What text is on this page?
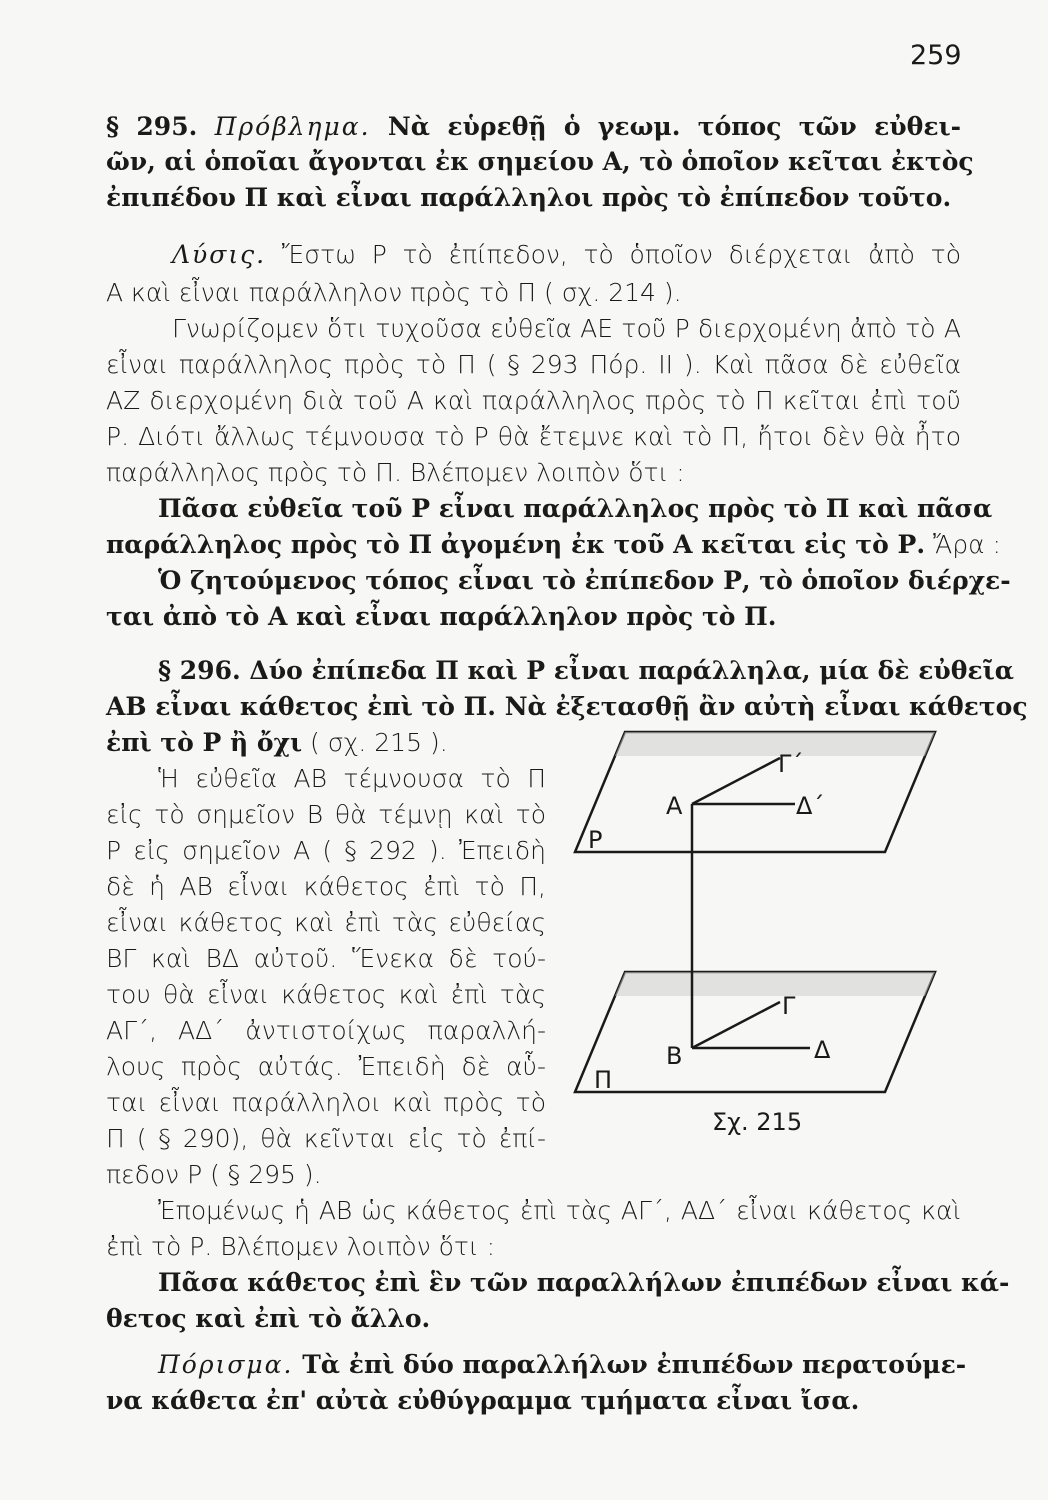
259
§ 295. Πρόβλημα. Νὰ εὑρεθῇ ὁ γεωμ. τόπος τῶν εὐθει-
ῶν, αἱ ὁποῖαι ἄγονται ἐκ σημείου Α, τὸ ὁποῖον κεῖται ἐκτὸς
ἐπιπέδου Π καὶ εἶναι παράλληλοι πρὸς τὸ ἐπίπεδον τοῦτο.
Λύσις. Ἔστω Ρ τὸ ἐπίπεδον, τὸ ὁποῖον διέρχεται ἀπὸ τὸ
Α καὶ εἶναι παράλληλον πρὸς τὸ Π ( σχ. 214 ).
Γνωρίζομεν ὅτι τυχοῦσα εὐθεῖα ΑΕ τοῦ Ρ διερχομένη ἀπὸ τὸ Α
εἶναι παράλληλος πρὸς τὸ Π ( § 293 Πόρ. ΙΙ ). Καὶ πᾶσα δὲ εὐθεῖα
ΑΖ διερχομένη διὰ τοῦ Α καὶ παράλληλος πρὸς τὸ Π κεῖται ἐπὶ τοῦ
Ρ. Διότι ἄλλως τέμνουσα τὸ Ρ θὰ ἔτεμνε καὶ τὸ Π, ἤτοι δὲν θὰ ἦτο
παράλληλος πρὸς τὸ Π. Βλέπομεν λοιπὸν ὅτι :
Πᾶσα εὐθεῖα τοῦ Ρ εἶναι παράλληλος πρὸς τὸ Π καὶ πᾶσα
παράλληλος πρὸς τὸ Π ἀγομένη ἐκ τοῦ Α κεῖται εἰς τὸ Ρ. Ἄρα :
Ὁ ζητούμενος τόπος εἶναι τὸ ἐπίπεδον Ρ, τὸ ὁποῖον διέρχε-
ται ἀπὸ τὸ Α καὶ εἶναι παράλληλον πρὸς τὸ Π.
§ 296. Δύο ἐπίπεδα Π καὶ Ρ εἶναι παράλληλα, μία δὲ εὐθεῖα
ΑΒ εἶναι κάθετος ἐπὶ τὸ Π. Νὰ ἐξετασθῇ ἂν αὐτὴ εἶναι κάθετος
ἐπὶ τὸ Ρ ἢ ὄχι ( σχ. 215 ).
Ἡ εὐθεῖα ΑΒ τέμνουσα τὸ Π
εἰς τὸ σημεῖον Β θὰ τέμνῃ καὶ τὸ
Ρ εἰς σημεῖον Α ( § 292 ). Ἐπειδὴ
δὲ ἡ ΑΒ εἶναι κάθετος ἐπὶ τὸ Π,
εἶναι κάθετος καὶ ἐπὶ τὰς εὐθείας
ΒΓ καὶ ΒΔ αὐτοῦ. Ἕνεκα δὲ τού-
του θὰ εἶναι κάθετος καὶ ἐπὶ τὰς
ΑΓ΄, ΑΔ΄ ἀντιστοίχως παραλλή-
λους πρὸς αὐτάς. Ἐπειδὴ δὲ αὗ-
ται εἶναι παράλληλοι καὶ πρὸς τὸ
Π ( § 290), θὰ κεῖνται εἰς τὸ ἐπί-
πεδον Ρ ( § 295 ).
Ἐπομένως ἡ ΑΒ ὡς κάθετος ἐπὶ τὰς ΑΓ΄, ΑΔ΄ εἶναι κάθετος καὶ
ἐπὶ τὸ Ρ. Βλέπομεν λοιπὸν ὅτι :
Πᾶσα κάθετος ἐπὶ ἓν τῶν παραλλήλων ἐπιπέδων εἶναι κά-
θετος καὶ ἐπὶ τὸ ἄλλο.
Πόρισμα. Τὰ ἐπὶ δύο παραλλήλων ἐπιπέδων περατούμε-
να κάθετα ἐπ' αὐτὰ εὐθύγραμμα τμήματα εἶναι ἴσα.
Α
Γ΄
Δ΄
Ρ
Β
Γ
Δ
Π
Σχ. 215
